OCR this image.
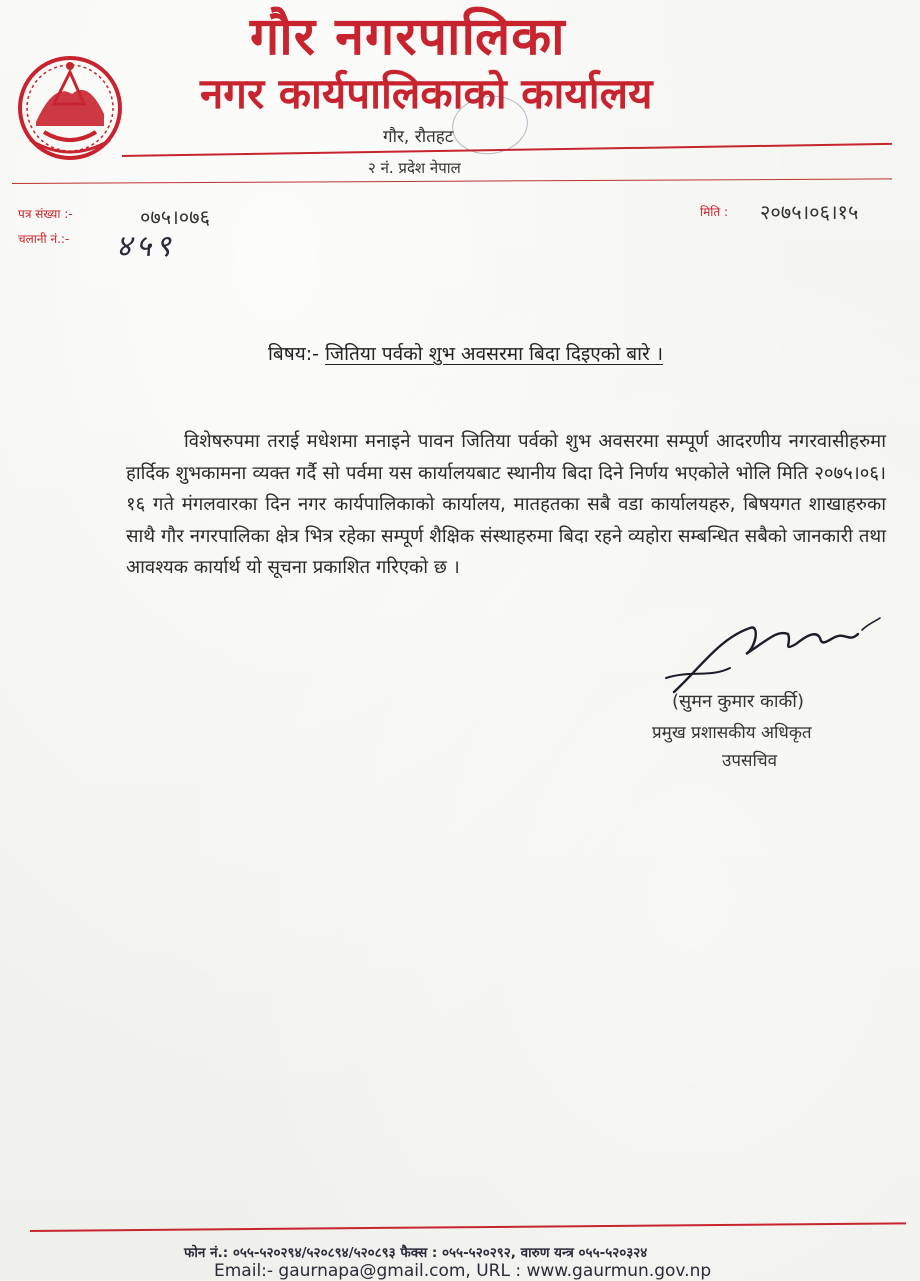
गौर नगरपालिका
नगर कार्यपालिकाको कार्यालय
गौर, रौतहट
२ नं. प्रदेश नेपाल
पत्र संख्या :-	०७५।०७६
चलानी नं.:- ४५९
मिति : २०७५।०६।१५
बिषय:- जितिया पर्वको शुभ अवसरमा बिदा दिइएको बारे ।

विशेषरुपमा तराई मधेशमा मनाइने पावन जितिया पर्वको शुभ अवसरमा सम्पूर्ण आदरणीय नगरवासीहरुमा हार्दिक शुभकामना व्यक्त गर्दै सो पर्वमा यस कार्यालयबाट स्थानीय बिदा दिने निर्णय भएकोले भोलि मिति २०७५।०६।१६ गते मंगलवारका दिन नगर कार्यपालिकाको कार्यालय, मातहतका सबै वडा कार्यालयहरु, बिषयगत शाखाहरुका साथै गौर नगरपालिका क्षेत्र भित्र रहेका सम्पूर्ण शैक्षिक संस्थाहरुमा बिदा रहने व्यहोरा सम्बन्धित सबैको जानकारी तथा आवश्यक कार्यार्थ यो सूचना प्रकाशित गरिएको छ ।

(सुमन कुमार कार्की)
प्रमुख प्रशासकीय अधिकृत
उपसचिव
फोन नं.: ०५५-५२०२९४/५२०८९४/५२०८९३ फैक्स : ०५५-५२०२९२, वारुण यन्त्र ०५५-५२०३२४
Email:- gaurnapa@gmail.com, URL : www.gaurmun.gov.np
